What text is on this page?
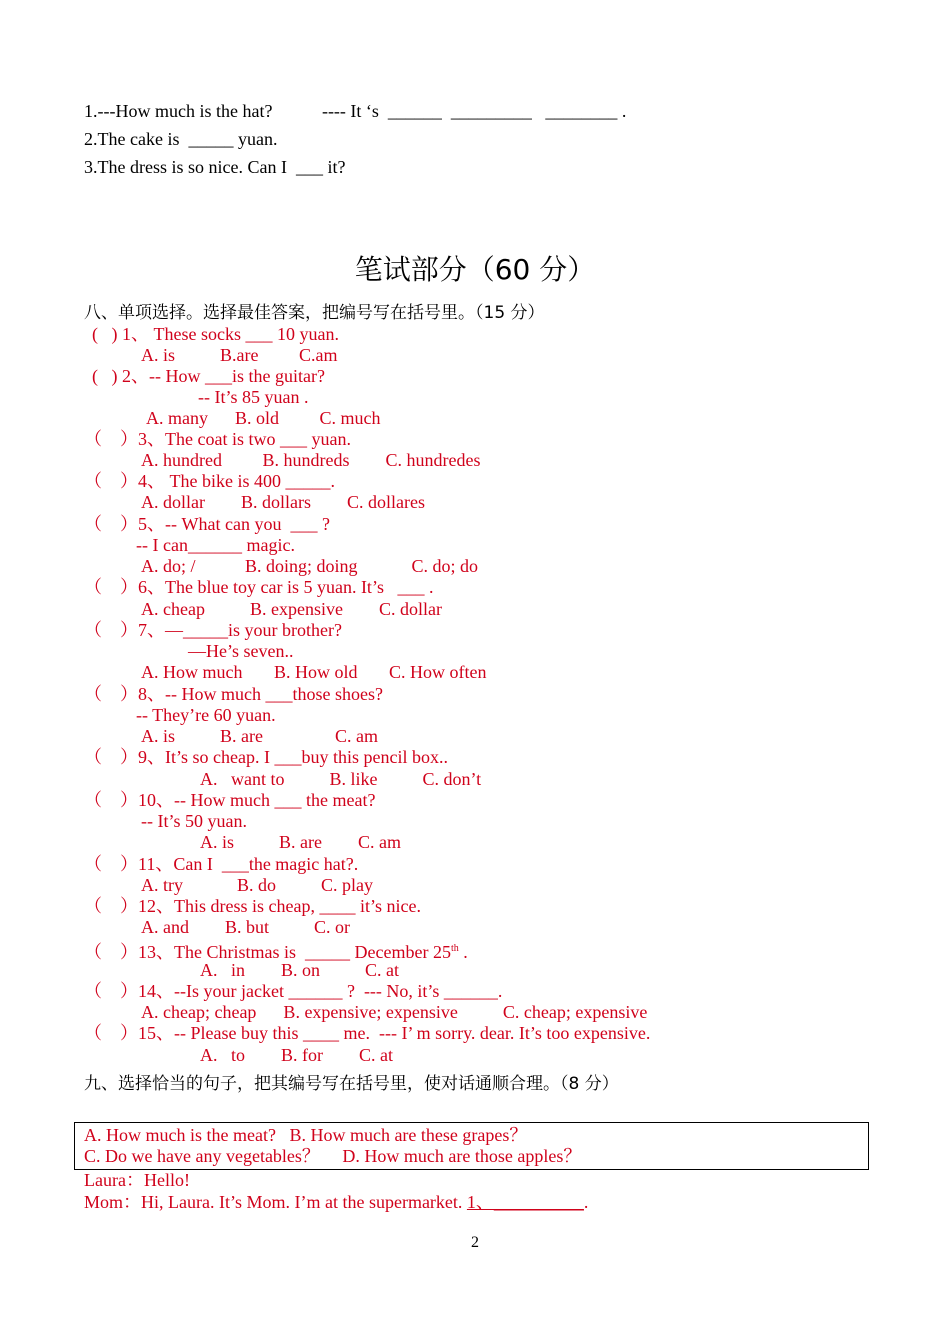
1.---How much is the hat?           ---- It ‘s  ______  _________   ________ .
2.The cake is  _____ yuan.
3.The dress is so nice. Can I  ___ it?
笔试部分（60 分）
八、单项选择。选择最佳答案，把编号写在括号里。（15 分）
(   ) 1、 These socks ___ 10 yuan.
A. is          B.are         C.am
(   ) 2、-- How ___is the guitar?
-- It’s 85 yuan .
A. many      B. old         C. much
（    ）3、The coat is two ___ yuan.
A. hundred         B. hundreds        C. hundredes
（    ）4、 The bike is 400 _____.
A. dollar        B. dollars        C. dollares
（    ）5、-- What can you  ___ ?
-- I can______ magic.
A. do; /           B. doing; doing            C. do; do
（    ）6、The blue toy car is 5 yuan. It’s   ___ .
A. cheap          B. expensive        C. dollar
（    ）7、—_____is your brother?
—He’s seven..
A. How much       B. How old       C. How often
（    ）8、-- How much ___those shoes?
-- They’re 60 yuan.
A. is          B. are                C. am
（    ）9、It’s so cheap. I ___buy this pencil box..
A.   want to          B. like          C. don’t
（    ）10、-- How much ___ the meat?
-- It’s 50 yuan.
A. is          B. are        C. am
（    ）11、Can I  ___the magic hat?.
A. try            B. do          C. play
（    ）12、This dress is cheap, ____ it’s nice.
A. and        B. but          C. or
（    ）13、The Christmas is  _____ December 25th .
A.   in        B. on          C. at
（    ）14、--Is your jacket ______ ?  --- No, it’s ______.
A. cheap; cheap      B. expensive; expensive          C. cheap; expensive
（    ）15、-- Please buy this ____ me.  --- I’ m sorry. dear. It’s too expensive.
A.   to        B. for        C. at
九、选择恰当的句子，把其编号写在括号里，使对话通顺合理。（8 分）
A. How much is the meat?   B. How much are these grapes？
C. Do we have any vegetables？     D. How much are those apples？
Laura：Hello!
Mom：Hi, Laura. It’s Mom. I’m at the supermarket. 1、__________.
2
